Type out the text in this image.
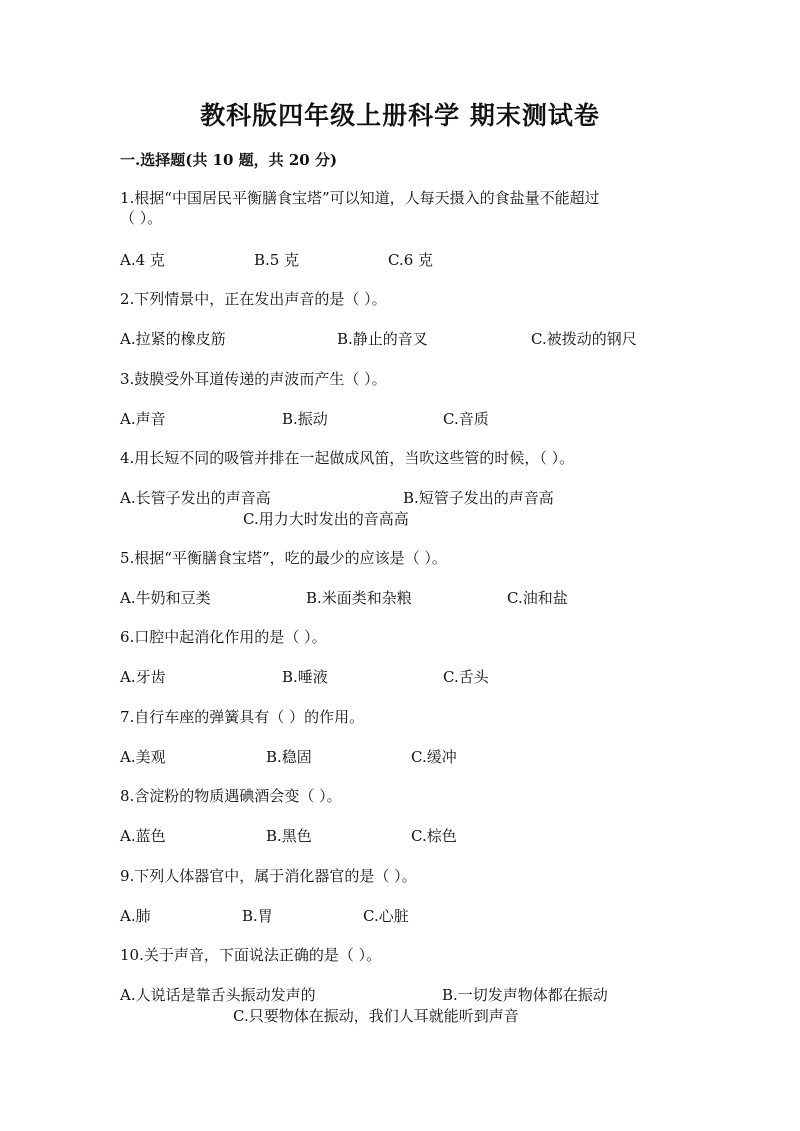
教科版四年级上册科学 期末测试卷
一.选择题(共 10 题，共 20 分)
1.根据“中国居民平衡膳食宝塔”可以知道，人每天摄入的食盐量不能超过
（ ）。
A.4 克	B.5 克	C.6 克
2.下列情景中，正在发出声音的是（ ）。
A.拉紧的橡皮筋	B.静止的音叉	C.被拨动的钢尺
3.鼓膜受外耳道传递的声波而产生（ ）。
A.声音	B.振动	C.音质
4.用长短不同的吸管并排在一起做成风笛，当吹这些管的时候，（ ）。
A.长管子发出的声音高	B.短管子发出的声音高
C.用力大时发出的音高高
5.根据“平衡膳食宝塔”，吃的最少的应该是（ ）。
A.牛奶和豆类	B.米面类和杂粮	C.油和盐
6.口腔中起消化作用的是（ ）。
A.牙齿	B.唾液	C.舌头
7.自行车座的弹簧具有（ ）的作用。
A.美观	B.稳固	C.缓冲
8.含淀粉的物质遇碘酒会变（ ）。
A.蓝色	B.黑色	C.棕色
9.下列人体器官中，属于消化器官的是（ ）。
A.肺	B.胃	C.心脏
10.关于声音，下面说法正确的是（ ）。
A.人说话是靠舌头振动发声的	B.一切发声物体都在振动
C.只要物体在振动，我们人耳就能听到声音
